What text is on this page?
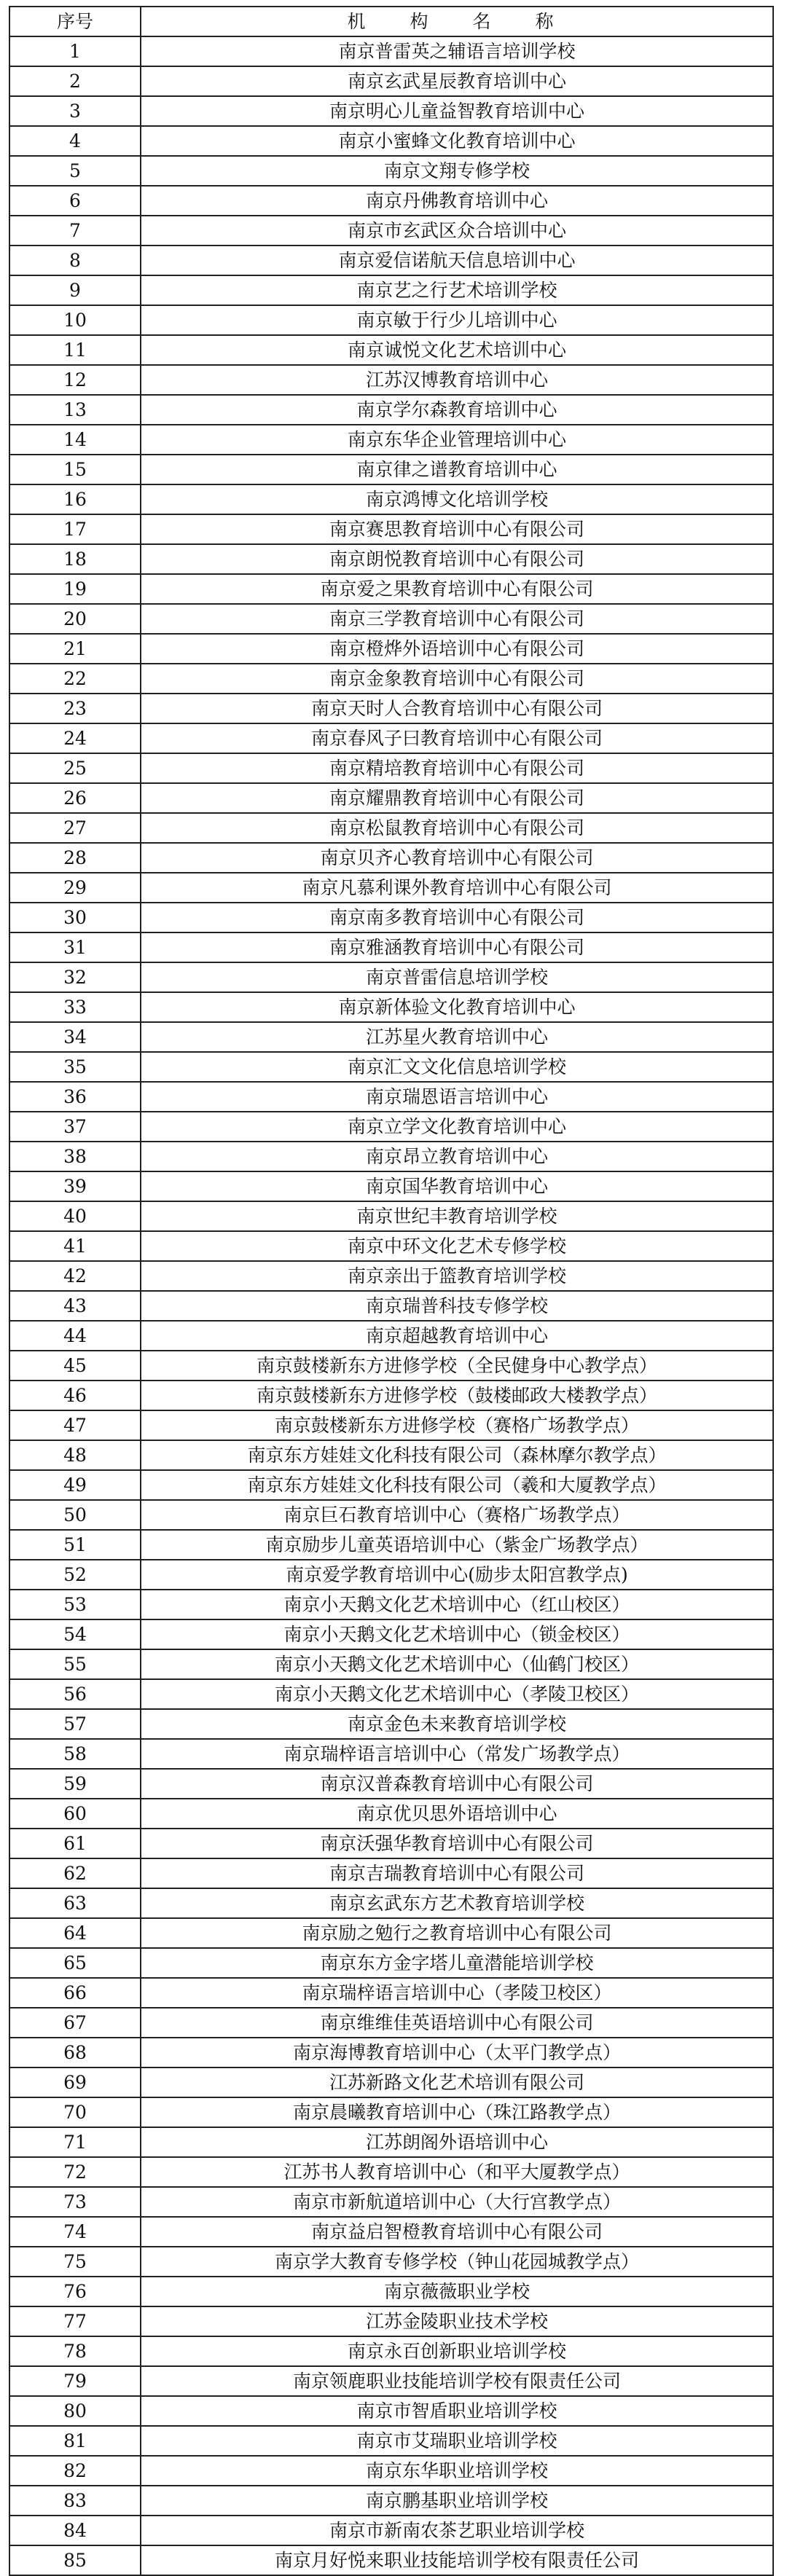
序号	机　构　名　称
1	南京普雷英之辅语言培训学校
2	南京玄武星辰教育培训中心
3	南京明心儿童益智教育培训中心
4	南京小蜜蜂文化教育培训中心
5	南京文翔专修学校
6	南京丹佛教育培训中心
7	南京市玄武区众合培训中心
8	南京爱信诺航天信息培训中心
9	南京艺之行艺术培训学校
10	南京敏于行少儿培训中心
11	南京诚悦文化艺术培训中心
12	江苏汉博教育培训中心
13	南京学尔森教育培训中心
14	南京东华企业管理培训中心
15	南京律之谱教育培训中心
16	南京鸿博文化培训学校
17	南京赛思教育培训中心有限公司
18	南京朗悦教育培训中心有限公司
19	南京爱之果教育培训中心有限公司
20	南京三学教育培训中心有限公司
21	南京橙烨外语培训中心有限公司
22	南京金象教育培训中心有限公司
23	南京天时人合教育培训中心有限公司
24	南京春风子曰教育培训中心有限公司
25	南京精培教育培训中心有限公司
26	南京耀鼎教育培训中心有限公司
27	南京松鼠教育培训中心有限公司
28	南京贝齐心教育培训中心有限公司
29	南京凡慕利课外教育培训中心有限公司
30	南京南多教育培训中心有限公司
31	南京雅涵教育培训中心有限公司
32	南京普雷信息培训学校
33	南京新体验文化教育培训中心
34	江苏星火教育培训中心
35	南京汇文文化信息培训学校
36	南京瑞恩语言培训中心
37	南京立学文化教育培训中心
38	南京昂立教育培训中心
39	南京国华教育培训中心
40	南京世纪丰教育培训学校
41	南京中环文化艺术专修学校
42	南京亲出于篮教育培训学校
43	南京瑞普科技专修学校
44	南京超越教育培训中心
45	南京鼓楼新东方进修学校（全民健身中心教学点）
46	南京鼓楼新东方进修学校（鼓楼邮政大楼教学点）
47	南京鼓楼新东方进修学校（赛格广场教学点）
48	南京东方娃娃文化科技有限公司（森林摩尔教学点）
49	南京东方娃娃文化科技有限公司（羲和大厦教学点）
50	南京巨石教育培训中心（赛格广场教学点）
51	南京励步儿童英语培训中心（紫金广场教学点）
52	南京爱学教育培训中心(励步太阳宫教学点)
53	南京小天鹅文化艺术培训中心（红山校区）
54	南京小天鹅文化艺术培训中心（锁金校区）
55	南京小天鹅文化艺术培训中心（仙鹤门校区）
56	南京小天鹅文化艺术培训中心（孝陵卫校区）
57	南京金色未来教育培训学校
58	南京瑞梓语言培训中心（常发广场教学点）
59	南京汉普森教育培训中心有限公司
60	南京优贝思外语培训中心
61	南京沃强华教育培训中心有限公司
62	南京吉瑞教育培训中心有限公司
63	南京玄武东方艺术教育培训学校
64	南京励之勉行之教育培训中心有限公司
65	南京东方金字塔儿童潜能培训学校
66	南京瑞梓语言培训中心（孝陵卫校区）
67	南京维维佳英语培训中心有限公司
68	南京海博教育培训中心（太平门教学点）
69	江苏新路文化艺术培训有限公司
70	南京晨曦教育培训中心（珠江路教学点）
71	江苏朗阁外语培训中心
72	江苏书人教育培训中心（和平大厦教学点）
73	南京市新航道培训中心（大行宫教学点）
74	南京益启智橙教育培训中心有限公司
75	南京学大教育专修学校（钟山花园城教学点）
76	南京薇薇职业学校
77	江苏金陵职业技术学校
78	南京永百创新职业培训学校
79	南京领鹿职业技能培训学校有限责任公司
80	南京市智盾职业培训学校
81	南京市艾瑞职业培训学校
82	南京东华职业培训学校
83	南京鹏基职业培训学校
84	南京市新南农茶艺职业培训学校
85	南京月好悦来职业技能培训学校有限责任公司
